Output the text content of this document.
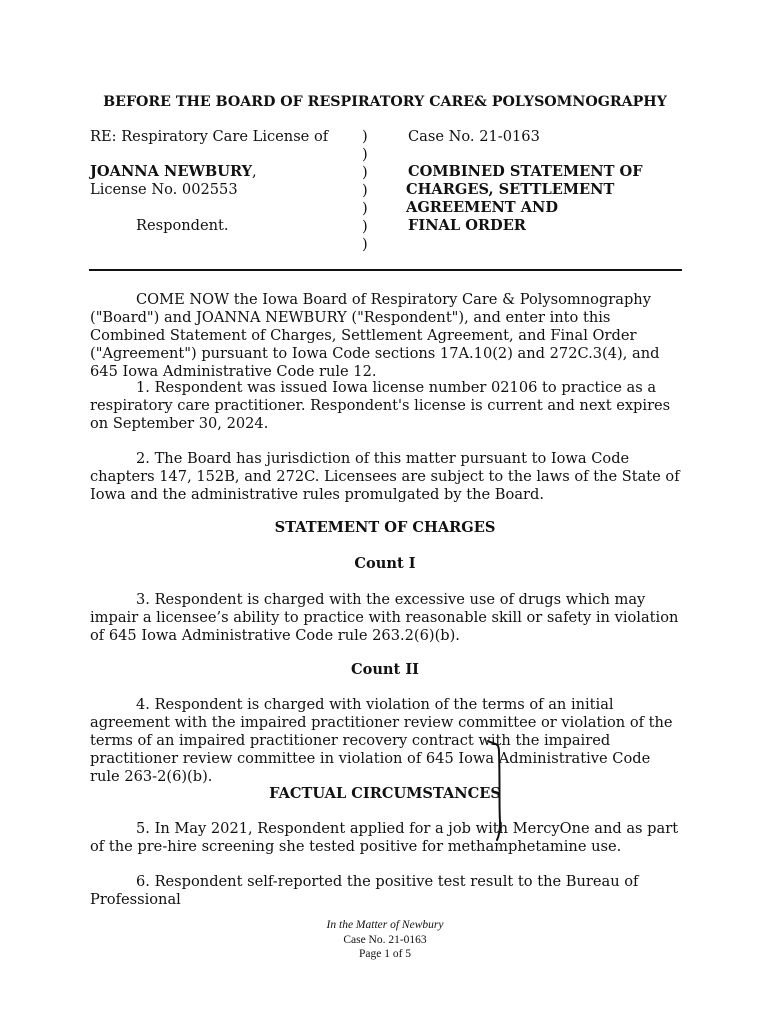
BEFORE THE BOARD OF RESPIRATORY CARE& POLYSOMNOGRAPHY
RE: Respiratory Care License of
JOANNA NEWBURY,
License No. 002553
Respondent.
)
)
)
)
)
)
)
Case No. 21-0163
COMBINED STATEMENT OF
CHARGES, SETTLEMENT
AGREEMENT AND
FINAL ORDER
COME NOW the Iowa Board of Respiratory Care & Polysomnography ("Board") and JOANNA NEWBURY ("Respondent"), and enter into this Combined Statement of Charges, Settlement Agreement, and Final Order ("Agreement") pursuant to Iowa Code sections 17A.10(2) and 272C.3(4), and 645 Iowa Administrative Code rule 12.
1. Respondent was issued Iowa license number 02106 to practice as a respiratory care practitioner. Respondent's license is current and next expires on September 30, 2024.
2. The Board has jurisdiction of this matter pursuant to Iowa Code chapters 147, 152B, and 272C. Licensees are subject to the laws of the State of Iowa and the administrative rules promulgated by the Board.
STATEMENT OF CHARGES
Count I
3. Respondent is charged with the excessive use of drugs which may impair a licensee’s ability to practice with reasonable skill or safety in violation of 645 Iowa Administrative Code rule 263.2(6)(b).
Count II
4. Respondent is charged with violation of the terms of an initial agreement with the impaired practitioner review committee or violation of the terms of an impaired practitioner recovery contract with the impaired practitioner review committee in violation of 645 Iowa Administrative Code rule 263-2(6)(b).
FACTUAL CIRCUMSTANCES
5. In May 2021, Respondent applied for a job with MercyOne and as part of the pre-hire screening she tested positive for methamphetamine use.
6. Respondent self-reported the positive test result to the Bureau of Professional
In the Matter of Newbury
Case No. 21-0163
Page 1 of 5
